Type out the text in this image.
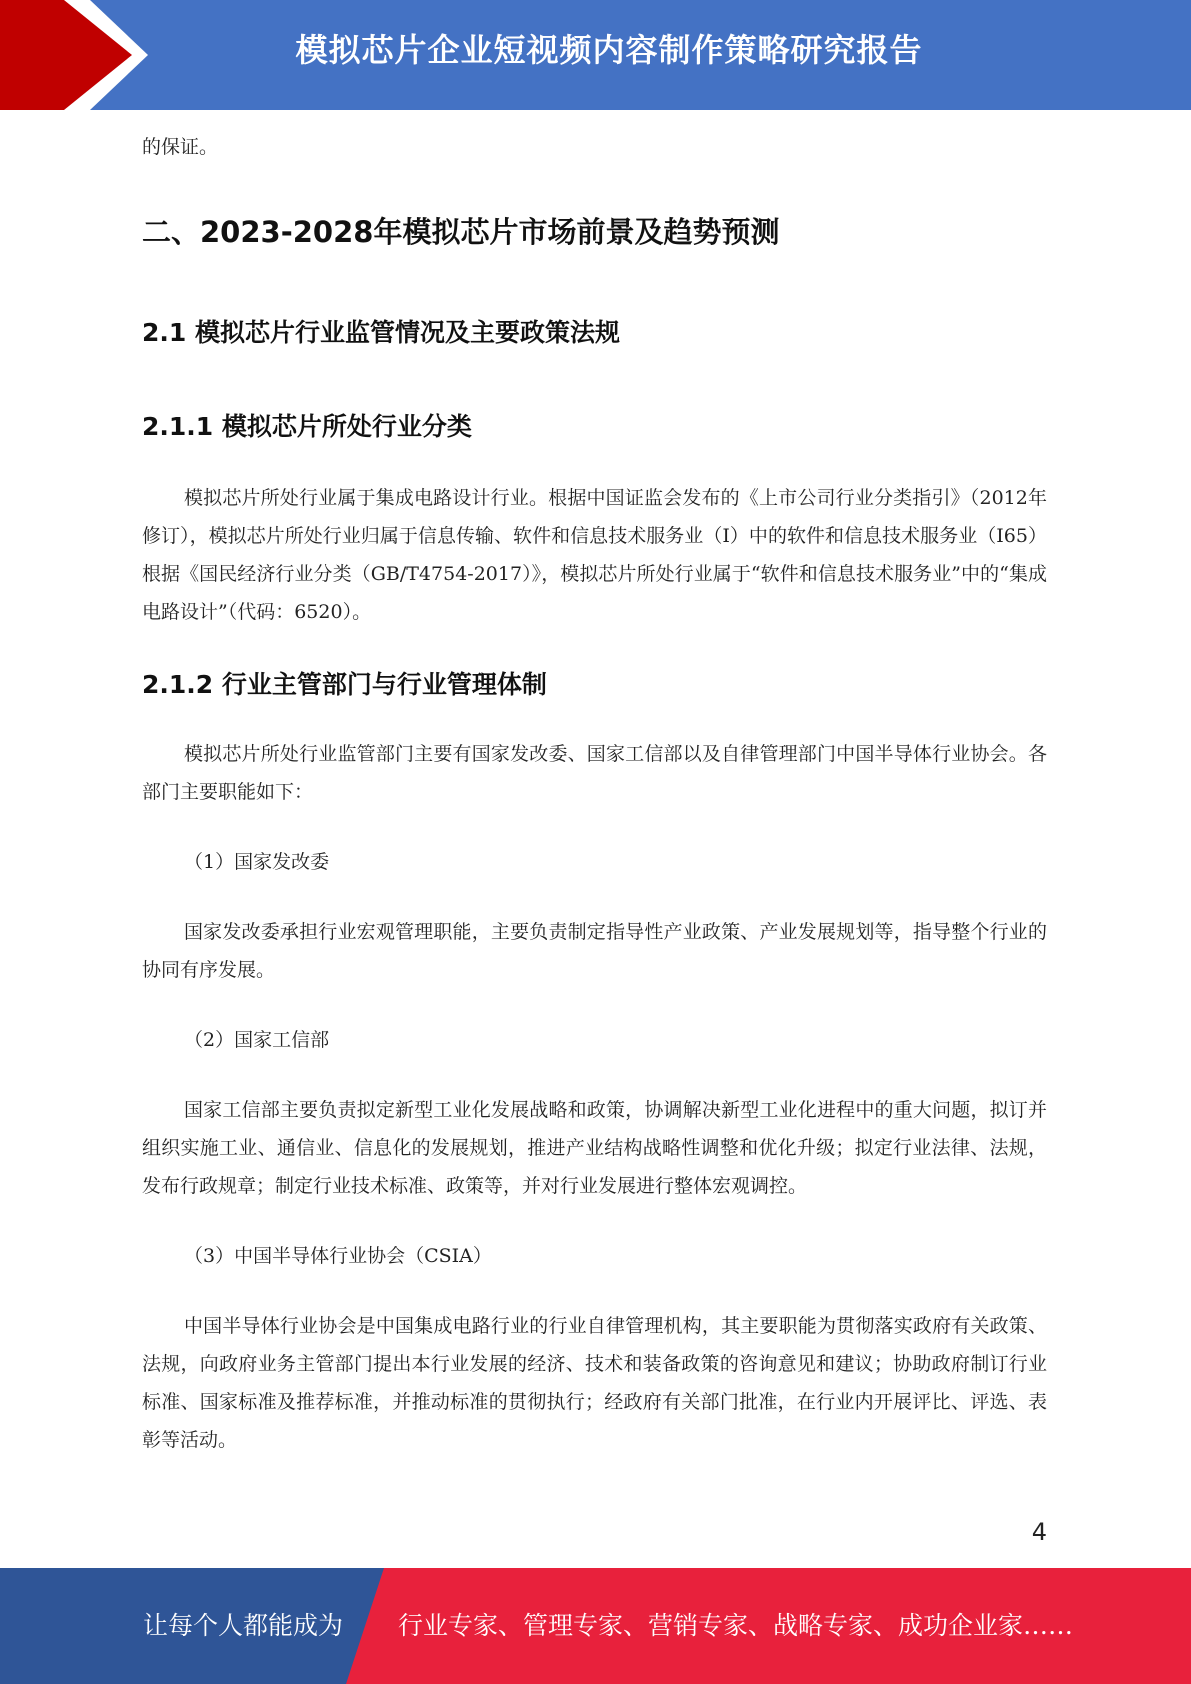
模拟芯片企业短视频内容制作策略研究报告

的保证。

二、2023-2028年模拟芯片市场前景及趋势预测
2.1 模拟芯片行业监管情况及主要政策法规
2.1.1 模拟芯片所处行业分类

模拟芯片所处行业属于集成电路设计行业。根据中国证监会发布的《上市公司行业分类指引》（2012年修订），模拟芯片所处行业归属于信息传输、软件和信息技术服务业（I）中的软件和信息技术服务业（I65）根据《国民经济行业分类（GB/T4754-2017）》，模拟芯片所处行业属于“软件和信息技术服务业”中的“集成电路设计”（代码：6520）。

2.1.2 行业主管部门与行业管理体制

模拟芯片所处行业监管部门主要有国家发改委、国家工信部以及自律管理部门中国半导体行业协会。各部门主要职能如下：

（1）国家发改委

国家发改委承担行业宏观管理职能，主要负责制定指导性产业政策、产业发展规划等，指导整个行业的协同有序发展。

（2）国家工信部

国家工信部主要负责拟定新型工业化发展战略和政策，协调解决新型工业化进程中的重大问题，拟订并组织实施工业、通信业、信息化的发展规划，推进产业结构战略性调整和优化升级；拟定行业法律、法规，发布行政规章；制定行业技术标准、政策等，并对行业发展进行整体宏观调控。

（3）中国半导体行业协会（CSIA）

中国半导体行业协会是中国集成电路行业的行业自律管理机构，其主要职能为贯彻落实政府有关政策、法规，向政府业务主管部门提出本行业发展的经济、技术和装备政策的咨询意见和建议；协助政府制订行业标准、国家标准及推荐标准，并推动标准的贯彻执行；经政府有关部门批准，在行业内开展评比、评选、表彰等活动。

4
让每个人都能成为 行业专家、管理专家、营销专家、战略专家、成功企业家……
